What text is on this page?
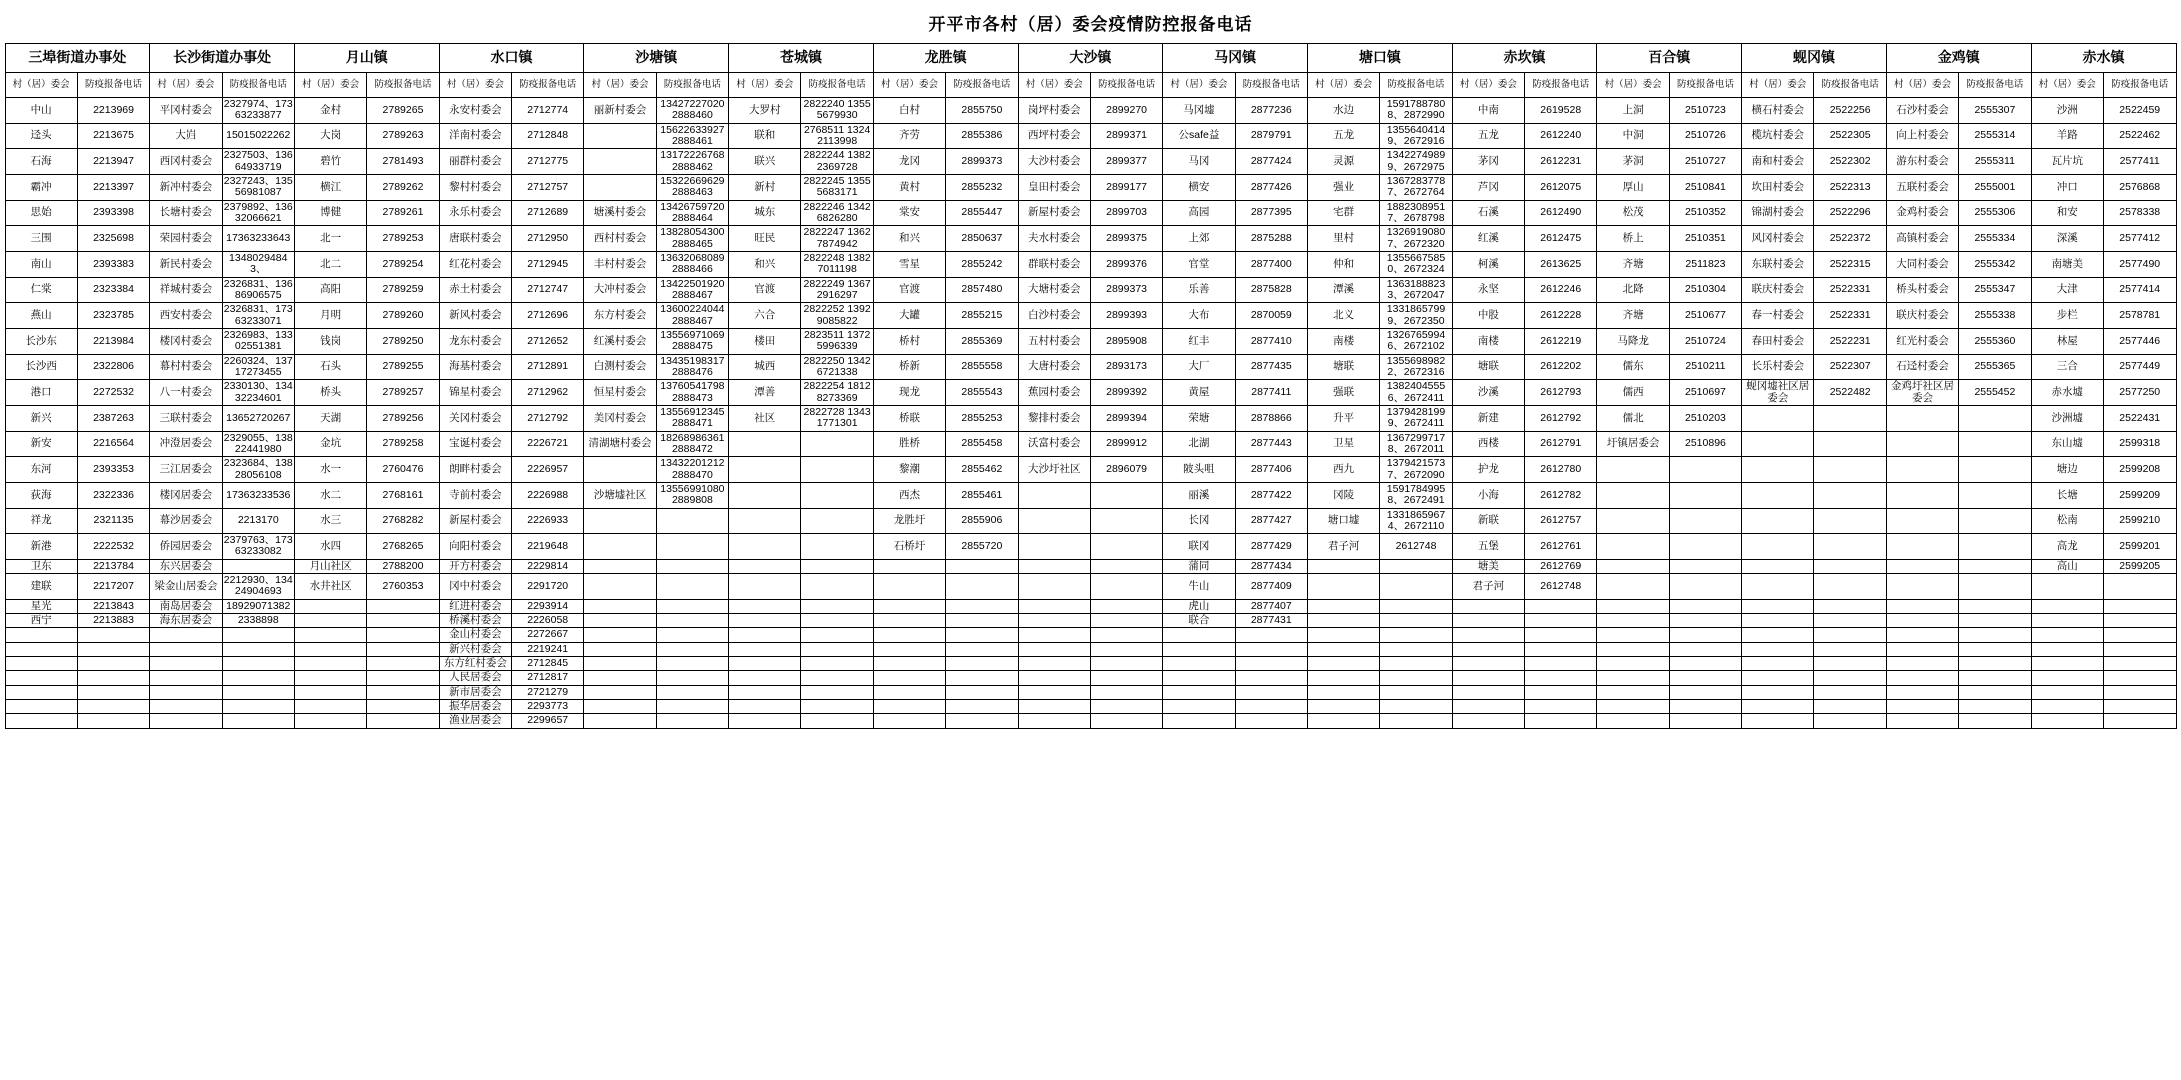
开平市各村（居）委会疫情防控报备电话
三埠街道办事处		长沙街道办事处		月山镇		水口镇		沙塘镇		苍城镇		龙胜镇		大沙镇		马冈镇		塘口镇		赤坎镇		百合镇		蚬冈镇		金鸡镇		赤水镇	
村（居）委会	防疫报备电话	村（居）委会	防疫报备电话	村（居）委会	防疫报备电话	村（居）委会	防疫报备电话	村（居）委会	防疫报备电话	村（居）委会	防疫报备电话	村（居）委会	防疫报备电话	村（居）委会	防疫报备电话	村（居）委会	防疫报备电话	村（居）委会	防疫报备电话	村（居）委会	防疫报备电话	村（居）委会	防疫报备电话	村（居）委会	防疫报备电话	村（居）委会	防疫报备电话	村（居）委会	防疫报备电话
中山	2213969	平冈村委会	2327974、17363233877	金村	2789265	永安村委会	2712774	丽新村委会	13427227020 2888460	大罗村	2822240 13555679930	白村	2855750	岗坪村委会	2899270	马冈墟	2877236	水边	15917887808、2872990	中南	2619528	上洞	2510723	横石村委会	2522256	石沙村委会	2555307	沙洲	2522459
迳头	2213675	大岿	15015022262	大岗	2789263	洋南村委会	2712848		15622633927 2888461	联和	2768511 13242113998	齐劳	2855386	西坪村委会	2899371	公safe益	2879791	五龙	13556404149、2672916	五龙	2612240	中洞	2510726	榄坑村委会	2522305	向上村委会	2555314	羊路	2522462
石海	2213947	西冈村委会	2327503、13664933719	碧竹	2781493	丽群村委会	2712775		13172226768 2888462	联兴	2822244 13822369728	龙冈	2899373	大沙村委会	2899377	马冈	2877424	灵源	13422749899、2672975	茅冈	2612231	茅洞	2510727	南和村委会	2522302	游东村委会	2555311	瓦片坑	2577411
霸冲	2213397	新冲村委会	2327243、13556981087	横江	2789262	黎村村委会	2712757		15322669629 2888463	新村	2822245 13555683171	黄村	2855232	皇田村委会	2899177	横安	2877426	强业	13672837787、2672764	芦冈	2612075	厚山	2510841	坎田村委会	2522313	五联村委会	2555001	冲口	2576868
思始	2393398	长塘村委会	2379892、13632066621	博健	2789261	永乐村委会	2712689	塘溪村委会	13426759720 2888464	城东	2822246 13426826280	棠安	2855447	新屋村委会	2899703	高园	2877395	宅群	18823089517、2678798	石溪	2612490	松茂	2510352	锦湖村委会	2522296	金鸡村委会	2555306	和安	2578338
三围	2325698	荣园村委会	17363233643	北一	2789253	唐联村委会	2712950	西村村委会	13828054300 2888465	旺民	2822247 13627874942	和兴	2850637	夫水村委会	2899375	上郊	2875288	里村	13269190807、2672320	红溪	2612475	桥上	2510351	风冈村委会	2522372	高镇村委会	2555334	深溪	2577412
南山	2393383	新民村委会	13480294843、	北二	2789254	红花村委会	2712945	丰村村委会	13632068089 2888466	和兴	2822248 13827011198	雪星	2855242	群联村委会	2899376	官堂	2877400	仲和	13556675850、2672324	柯溪	2613625	齐塘	2511823	东联村委会	2522315	大同村委会	2555342	南塘美	2577490
仁棠	2323384	祥城村委会	2326831、13686906575	高阳	2789259	赤土村委会	2712747	大冲村委会	13422501920 2888467	官渡	2822249 13672916297	官渡	2857480	大塘村委会	2899373	乐善	2875828	潭溪	13631888233、2672047	永坚	2612246	北降	2510304	联庆村委会	2522331	桥头村委会	2555347	大津	2577414
燕山	2323785	西安村委会	2326831、17363233071	月明	2789260	新风村委会	2712696	东方村委会	13600224044 2888467	六合	2822252 13929085822	大罐	2855215	白沙村委会	2899393	大布	2870059	北义	13318657999、2672350	中股	2612228	齐塘	2510677	春一村委会	2522331	联庆村委会	2555338	步栏	2578781
长沙东	2213984	楼冈村委会	2326983、13302551381	钱岗	2789250	龙东村委会	2712652	红溪村委会	13556971069 2888475	楼田	2823511 13725996339	桥村	2855369	五村村委会	2895908	红丰	2877410	南楼	13267659946、2672102	南楼	2612219	马降龙	2510724	春田村委会	2522231	红光村委会	2555360	林屋	2577446
长沙西	2322806	幕村村委会	2260324、13717273455	石头	2789255	海基村委会	2712891	白测村委会	13435198317 2888476	城西	2822250 13426721338	桥新	2855558	大唐村委会	2893173	大厂	2877435	塘联	13556989822、2672316	塘联	2612202	儒东	2510211	长乐村委会	2522307	石迳村委会	2555365	三合	2577449
港口	2272532	八一村委会	2330130、13432234601	桥头	2789257	锦星村委会	2712962	恒星村委会	13760541798 2888473	潭善	2822254 18128273369	现龙	2855543	蕉园村委会	2899392	黄屋	2877411	强联	13824045556、2672411	沙溪	2612793	儒西	2510697	蚬冈墟社区居委会	2522482	金鸡圩社区居委会	2555452	赤水墟	2577250
新兴	2387263	三联村委会	13652720267	天湖	2789256	关冈村委会	2712792	美冈村委会	13556912345 2888471	社区	2822728 13431771301	桥联	2855253	黎排村委会	2899394	荣塘	2878866	升平	13794281999、2672411	新建	2612792	儒北	2510203					沙洲墟	2522431
新安	2216564	冲澄居委会	2329055、13822441980	金坑	2789258	宝诞村委会	2226721	清湖塘村委会	18268986361 2888472			胜桥	2855458	沃富村委会	2899912	北湖	2877443	卫星	13672997178、2672011	西楼	2612791	圩镇居委会	2510896					东山墟	2599318
东河	2393353	三江居委会	2323684、13828056108	水一	2760476	朗畔村委会	2226957		13432201212 2888470			黎潮	2855462	大沙圩社区	2896079	陂头咀	2877406	西九	13794215737、2672090	护龙	2612780							塘边	2599208
荻海	2322336	楼冈居委会	17363233536	水二	2768161	寺前村委会	2226988	沙塘墟社区	13556991080 2889808			西杰	2855461			丽溪	2877422	冈陵	15917849958、2672491	小海	2612782							长塘	2599209
祥龙	2321135	幕沙居委会	2213170	水三	2768282	新屋村委会	2226933					龙胜圩	2855906			长冈	2877427	塘口墟	13318659674、2672110	新联	2612757							松南	2599210
新港	2222532	侨园居委会	2379763、17363233082	水四	2768265	向阳村委会	2219648					石桥圩	2855720			联冈	2877429	君子河	2612748	五堡	2612761							高龙	2599201
卫东	2213784	东兴居委会		月山社区	2788200	开方村委会	2229814									蒲同	2877434			塘美	2612769							高山	2599205
建联	2217207	梁金山居委会	2212930、13424904693	水井社区	2760353	冈中村委会	2291720									牛山	2877409			君子河	2612748								
星光	2213843	南岛居委会	18929071382			红进村委会	2293914									虎山	2877407												
西宁	2213883	海东居委会	2338898			桥溪村委会	2226058									联合	2877431												
						金山村委会	2272667																						
						新兴村委会	2219241																						
						东方红村委会	2712845																						
						人民居委会	2712817																						
						新市居委会	2721279																						
						振华居委会	2293773																						
						渔业居委会	2299657																						
